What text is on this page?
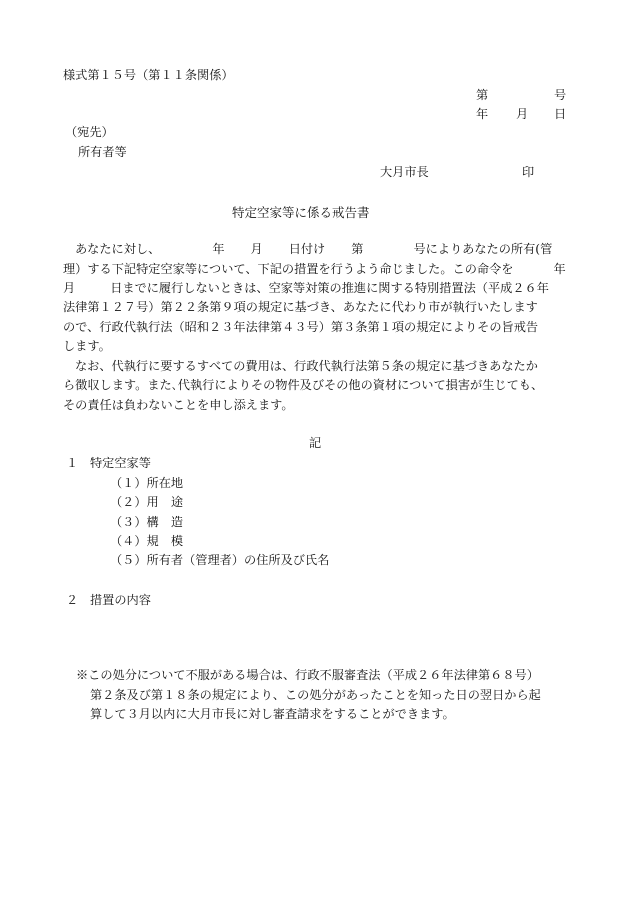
様式第１５号（第１１条関係）
第	号
年 月 日
（宛先）
所有者等
大月市長	印
特定空家等に係る戒告書
あなたに対し、	年 月 日付け 第	号によりあなたの所有(管
理）する下記特定空家等について、下記の措置を行うよう命じました。この命令を	年
月	日までに履行しないときは、空家等対策の推進に関する特別措置法（平成２６年
法律第１２７号）第２２条第９項の規定に基づき、あなたに代わり市が執行いたします
ので、行政代執行法（昭和２３年法律第４３号）第３条第１項の規定によりその旨戒告
します。
なお、代執行に要するすべての費用は、行政代執行法第５条の規定に基づきあなたか
ら徴収します。また､代執行によりその物件及びその他の資材について損害が生じても、
その責任は負わないことを申し添えます。
記
１ 特定空家等
（１）所在地
（２）用　途
（３）構　造
（４）規　模
（５）所有者（管理者）の住所及び氏名
２ 措置の内容
※この処分について不服がある場合は、行政不服審査法（平成２６年法律第６８号）
第２条及び第１８条の規定により、この処分があったことを知った日の翌日から起
算して３月以内に大月市長に対し審査請求をすることができます。
